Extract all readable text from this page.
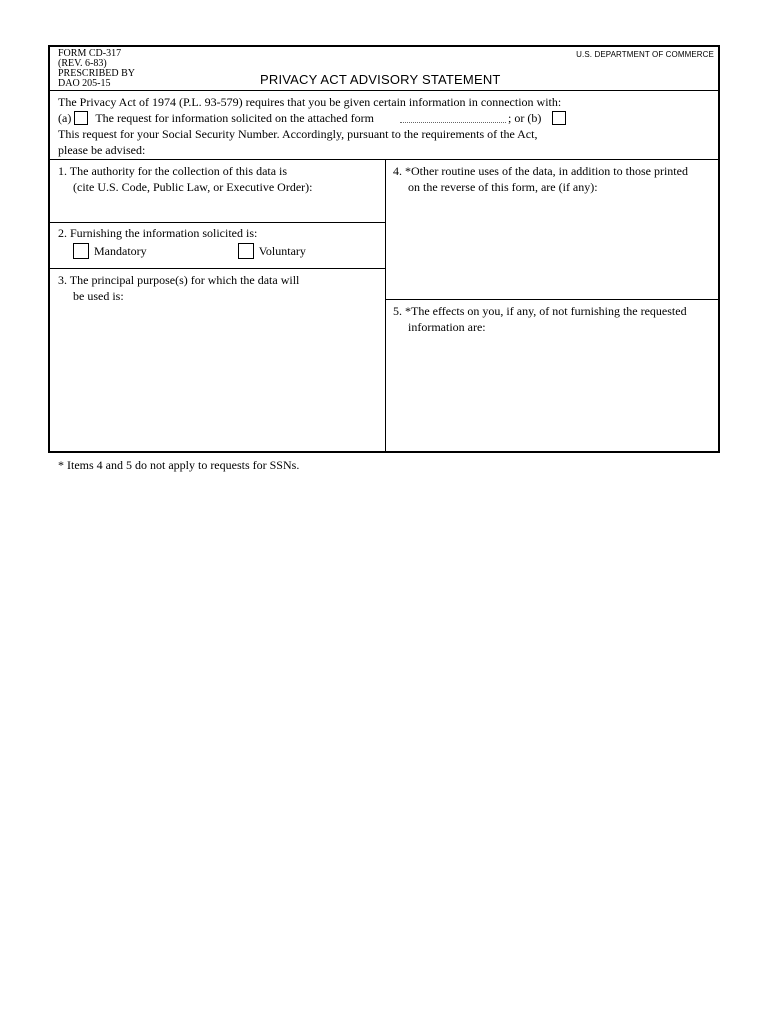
FORM CD-317
(REV. 6-83)
PRESCRIBED BY
DAO 205-15
U.S. DEPARTMENT OF COMMERCE
PRIVACY ACT ADVISORY STATEMENT
The Privacy Act of 1974 (P.L. 93-579) requires that you be given certain information in connection with:
(a) The request for information solicited on the attached form	; or (b)
This request for your Social Security Number. Accordingly, pursuant to the requirements of the Act,
please be advised:
1. The authority for the collection of this data is
(cite U.S. Code, Public Law, or Executive Order):
2. Furnishing the information solicited is:
Mandatory	Voluntary
3. The principal purpose(s) for which the data will
be used is:
4. *Other routine uses of the data, in addition to those printed
on the reverse of this form, are (if any):
5. *The effects on you, if any, of not furnishing the requested
information are:
* Items 4 and 5 do not apply to requests for SSNs.
